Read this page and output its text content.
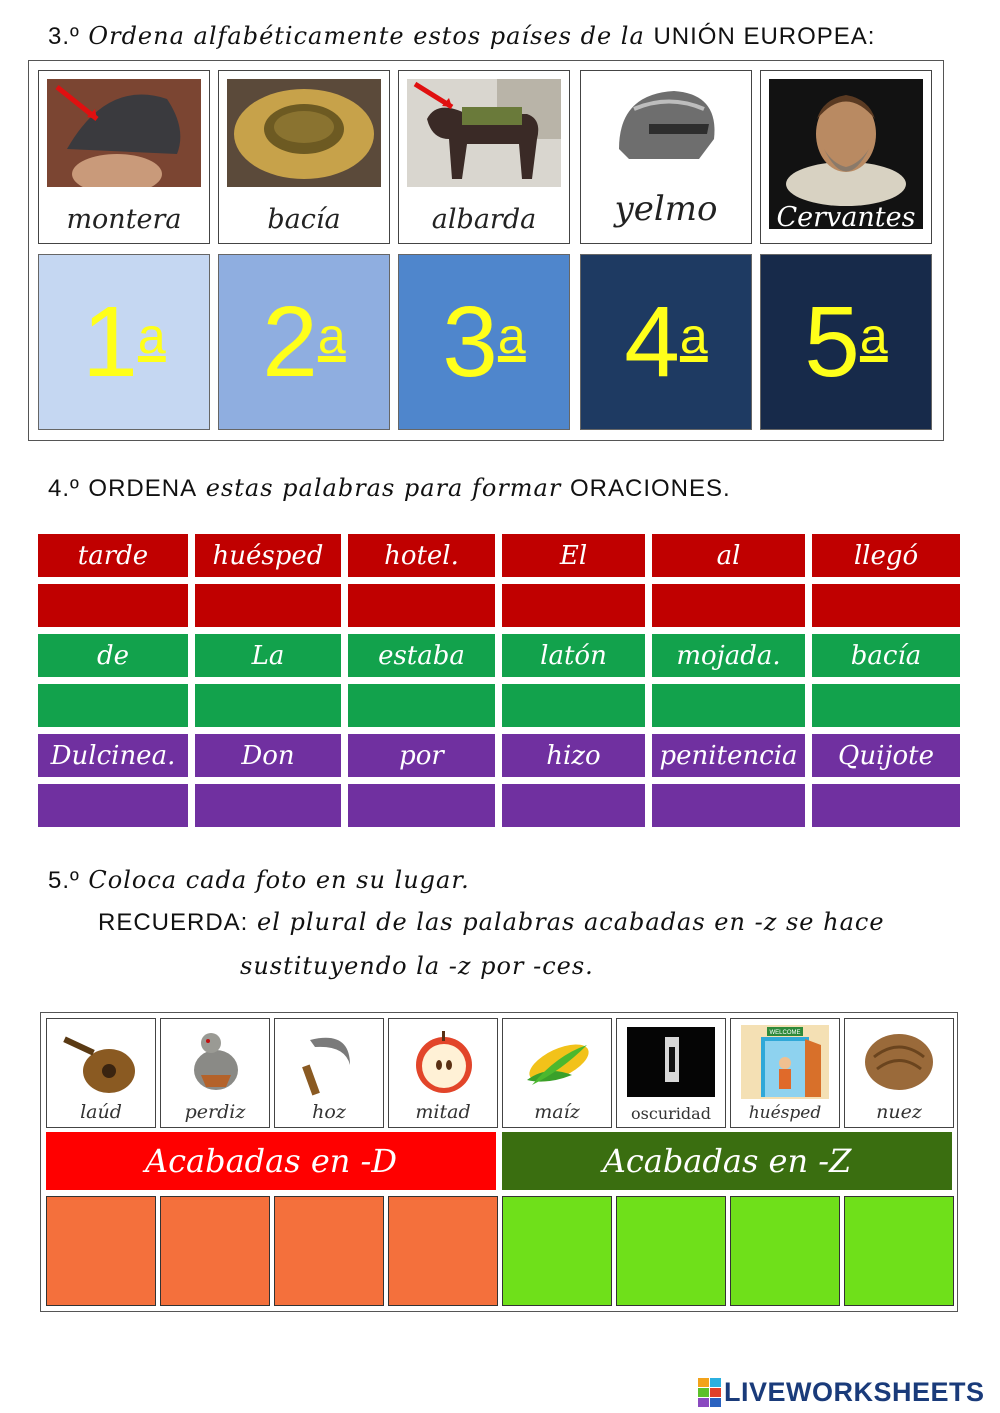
3.º Ordena alfabéticamente estos países de la UNIÓN EUROPEA:
montera	bacía	albarda	yelmo	Cervantes
1$^a$ 2$^a$ 3$^a$ 4$^a$ 5$^a$
4.º ORDENA estas palabras para formar ORACIONES.
tarde	huésped	hotel.	El	al	llegó
de	La	estaba	latón	mojada.	bacía
Dulcinea.	Don	por	hizo	penitencia	Quijote
5.º Coloca cada foto en su lugar.
RECUERDA: el plural de las palabras acabadas en -z se hace
sustituyendo la -z por -ces.
laúd	perdiz	hoz	mitad	maíz	oscuridad
WELCOME
huésped	nuez
Acabadas en -D	Acabadas en -Z
LIVEWORKSHEETS
